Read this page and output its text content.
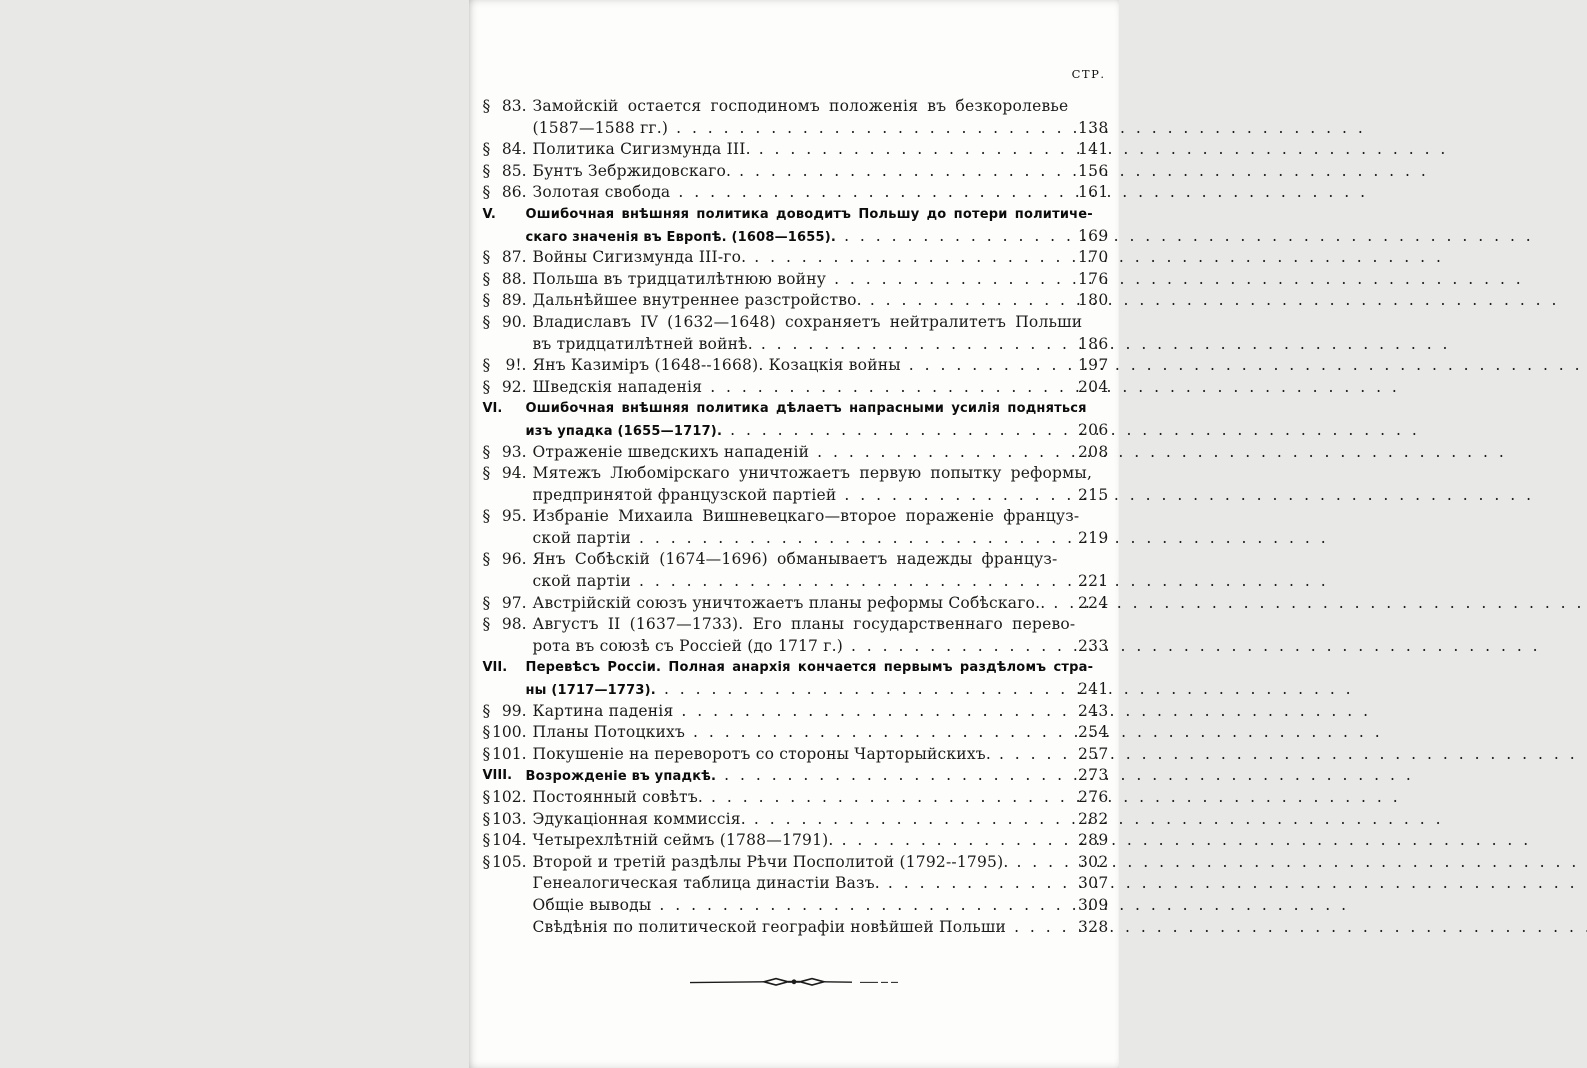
СТР.
§ 83. Замойскій остается господиномъ положенія въ безкоролевье
(1587—1588 гг.) . . .	138
§ 84. Политика Сигизмунда III. . . .	141
§ 85. Бунтъ Зебржидовскаго. . . .	156
§ 86. Золотая свобода . . .	161
V. Ошибочная внѣшняя политика доводитъ Польшу до потери политиче-
скаго значенія въ Европѣ. (1608—1655). . . .	169
§ 87. Войны Сигизмунда III-го. . . .	170
§ 88. Польша въ тридцатилѣтнюю войну . . .	176
§ 89. Дальнѣйшее внутреннее разстройство. . . .	180
§ 90. Владиславъ IV (1632—1648) сохраняетъ нейтралитетъ Польши
въ тридцатилѣтней войнѣ. . . .	186
§ 9!. Янъ Казиміръ (1648--1668). Козацкія войны . . .	197
§ 92. Шведскія нападенія . . .	204
VI. Ошибочная внѣшняя политика дѣлаетъ напрасными усилія подняться
изъ упадка (1655—1717). . . .	206
§ 93. Отраженіе шведскихъ нападеній . . .	208
§ 94. Мятежъ Любомірскаго уничтожаетъ первую попытку реформы,
предпринятой французской партіей . . .	215
§ 95. Избраніе Михаила Вишневецкаго—второе пораженіе француз-
ской партіи . . .	219
§ 96. Янъ Собѣскій (1674—1696) обманываетъ надежды француз-
ской партіи . . .	221
§ 97. Австрійскій союзъ уничтожаетъ планы реформы Собѣскаго.. . . .	224
§ 98. Августъ II (1637—1733). Его планы государственнаго перево-
рота въ союзѣ съ Россіей (до 1717 г.) . . .	233
VII. Перевѣсъ Россіи. Полная анархія кончается первымъ раздѣломъ стра-
ны (1717—1773). . . .	241
§ 99. Картина паденія . . .	243
§ 100. Планы Потоцкихъ . . .	254
§ 101. Покушеніе на переворотъ со стороны Чарторыйскихъ. . . .	257
VIII. Возрожденіе въ упадкѣ. . . .	273
§ 102. Постоянный совѣтъ. . . .	276
§ 103. Эдукаціонная коммиссія. . . .	282
§ 104. Четырехлѣтній сеймъ (1788—1791). . . .	289
§ 105. Второй и третій раздѣлы Рѣчи Посполитой (1792--1795). . . .	302
Генеалогическая таблица династіи Вазъ. . . .	307
Общіе выводы . . .	309
Свѣдѣнія по политической географіи новѣйшей Польши . . .	328
